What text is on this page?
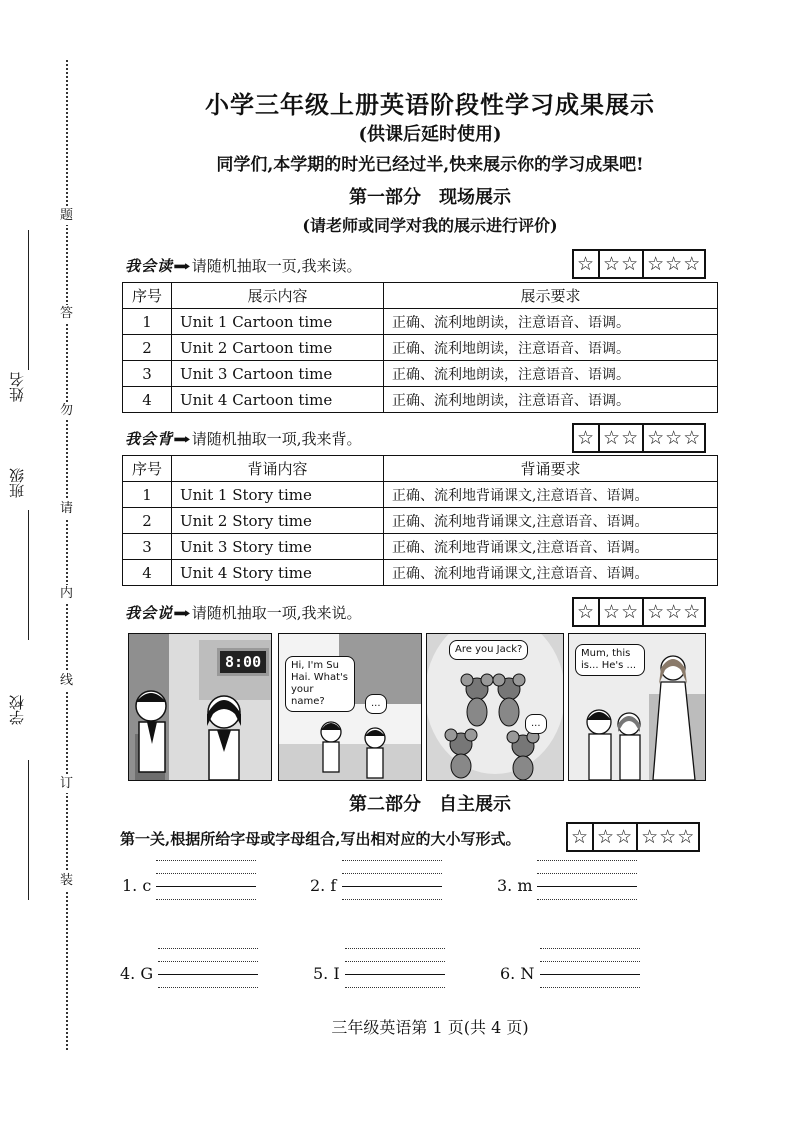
装
订
线
内
请
勿
答
题
学校
班级
姓名
小学三年级上册英语阶段性学习成果展示
(供课后延时使用)
同学们,本学期的时光已经过半,快来展示你的学习成果吧!
第一部分 现场展示
(请老师或同学对我的展示进行评价)
我会读➡请随机抽取一页,我来读。	☆ ☆☆ ☆☆☆
序号	展示内容	展示要求
1	Unit 1 Cartoon time	正确、流利地朗读，注意语音、语调。
2	Unit 2 Cartoon time	正确、流利地朗读，注意语音、语调。
3	Unit 3 Cartoon time	正确、流利地朗读，注意语音、语调。
4	Unit 4 Cartoon time	正确、流利地朗读，注意语音、语调。
我会背➡请随机抽取一项,我来背。	☆ ☆☆ ☆☆☆
序号	背诵内容	背诵要求
1	Unit 1 Story time	正确、流利地背诵课文,注意语音、语调。
2	Unit 2 Story time	正确、流利地背诵课文,注意语音、语调。
3	Unit 3 Story time	正确、流利地背诵课文,注意语音、语调。
4	Unit 4 Story time	正确、流利地背诵课文,注意语音、语调。
我会说➡请随机抽取一项,我来说。	☆ ☆☆ ☆☆☆
8:00	Hi, I'm Su Hai. What's your name?	...
Are you Jack?
...
Mum, this is... He's ...
第二部分 自主展示
第一关,根据所给字母或字母组合,写出相对应的大小写形式。	☆ ☆☆ ☆☆☆
1. c	2. f	3. m
4. G	5. I	6. N
三年级英语第 1 页(共 4 页)
